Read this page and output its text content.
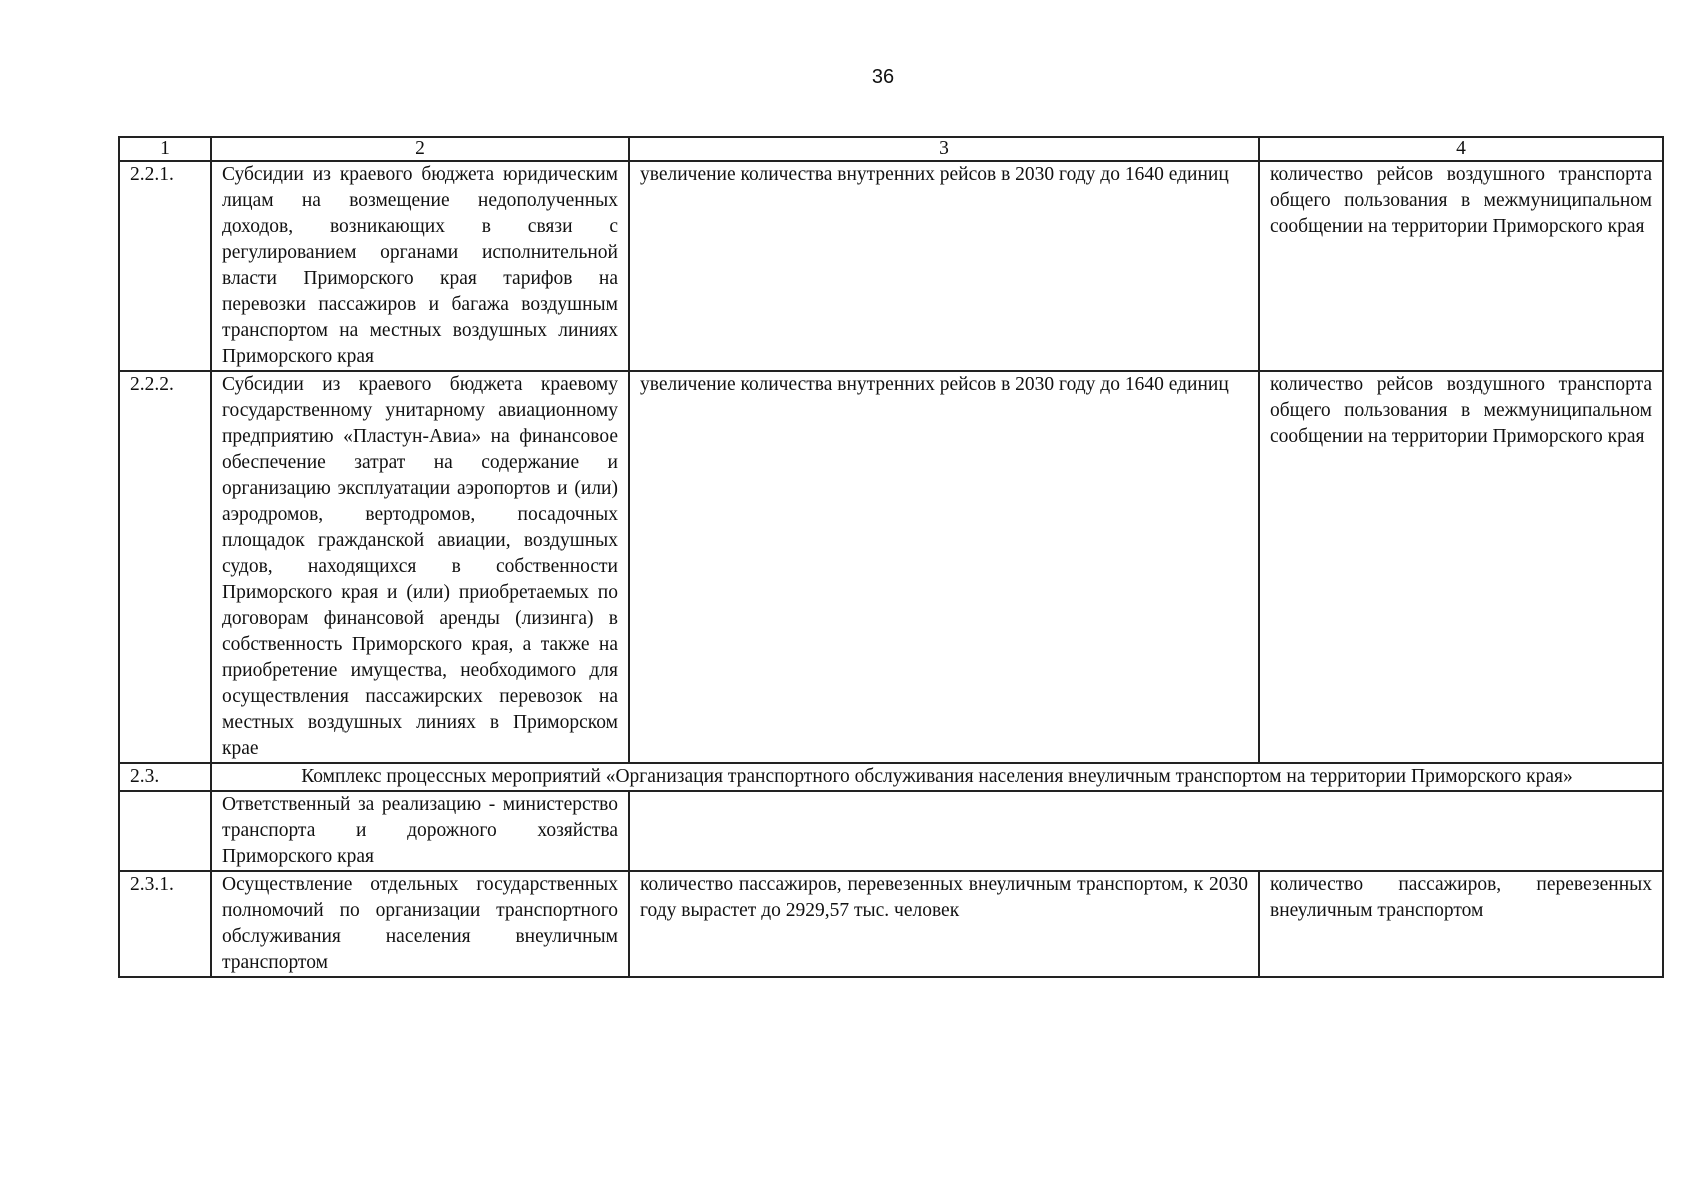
36
1	2	3	4
2.2.1.	Субсидии из краевого бюджета юридическим лицам на возмещение недополученных доходов, возникающих в связи с регулированием органами исполнительной власти Приморского края тарифов на перевозки пассажиров и багажа воздушным транспортом на местных воздушных линиях Приморского края	увеличение количества внутренних рейсов в 2030 году до 1640 единиц	количество рейсов воздушного транспорта общего пользования в межмуниципальном сообщении на территории Приморского края
2.2.2.	Субсидии из краевого бюджета краевому государственному унитарному авиационному предприятию «Пластун-Авиа» на финансовое обеспечение затрат на содержание и организацию эксплуатации аэропортов и (или) аэродромов, вертодромов, посадочных площадок гражданской авиации, воздушных судов, находящихся в собственности Приморского края и (или) приобретаемых по договорам финансовой аренды (лизинга) в собственность Приморского края, а также на приобретение имущества, необходимого для осуществления пассажирских перевозок на местных воздушных линиях в Приморском крае	увеличение количества внутренних рейсов в 2030 году до 1640 единиц	количество рейсов воздушного транспорта общего пользования в межмуниципальном сообщении на территории Приморского края
2.3.	Комплекс процессных мероприятий «Организация транспортного обслуживания населения внеуличным транспортом на территории Приморского края»		
	Ответственный за реализацию - министерство транспорта и дорожного хозяйства Приморского края		
2.3.1.	Осуществление отдельных государственных полномочий по организации транспортного обслуживания населения внеуличным транспортом	количество пассажиров, перевезенных внеуличным транспортом, к 2030 году вырастет до 2929,57 тыс. человек	количество пассажиров, перевезенных внеуличным транспортом
